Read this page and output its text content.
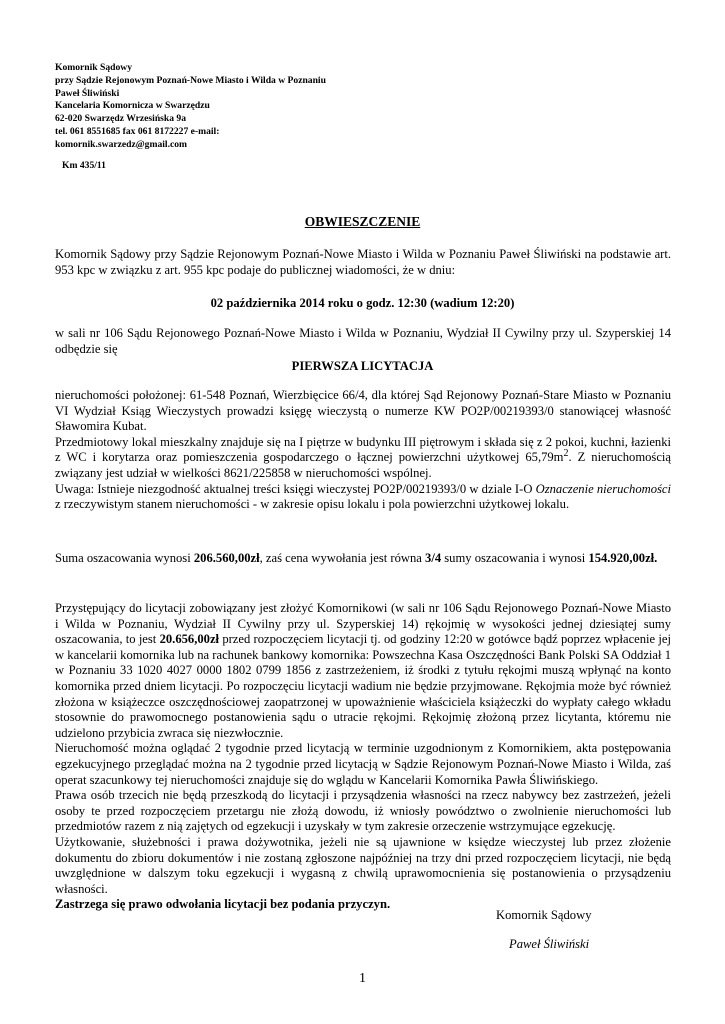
Komornik Sądowy
przy Sądzie Rejonowym Poznań-Nowe Miasto i Wilda w Poznaniu
Paweł Śliwiński
Kancelaria Komornicza w Swarzędzu
62-020 Swarzędz Wrzesińska 9a
tel. 061 8551685 fax 061 8172227 e-mail:
komornik.swarzedz@gmail.com
Km 435/11
OBWIESZCZENIE

Komornik Sądowy przy Sądzie Rejonowym Poznań-Nowe Miasto i Wilda w Poznaniu Paweł Śliwiński na podstawie art. 953 kpc w związku z art. 955 kpc podaje do publicznej wiadomości, że w dniu:

02 października 2014 roku o godz. 12:30 (wadium 12:20)

w sali nr 106 Sądu Rejonowego Poznań-Nowe Miasto i Wilda w Poznaniu, Wydział II Cywilny przy ul. Szyperskiej 14 odbędzie się

PIERWSZA LICYTACJA

nieruchomości położonej: 61-548 Poznań, Wierzbięcice 66/4, dla której Sąd Rejonowy Poznań-Stare Miasto w Poznaniu VI Wydział Ksiąg Wieczystych prowadzi księgę wieczystą o numerze KW PO2P/00219393/0 stanowiącej własność Sławomira Kubat.

Przedmiotowy lokal mieszkalny znajduje się na I piętrze w budynku III piętrowym i składa się z 2 pokoi, kuchni, łazienki z WC i korytarza oraz pomieszczenia gospodarczego o łącznej powierzchni użytkowej $65,79m^2$. Z nieruchomością związany jest udział w wielkości 8621/225858 w nieruchomości wspólnej.

Uwaga: Istnieje niezgodność aktualnej treści księgi wieczystej PO2P/00219393/0 w dziale I-O Oznaczenie nieruchomości z rzeczywistym stanem nieruchomości - w zakresie opisu lokalu i pola powierzchni użytkowej lokalu.

Suma oszacowania wynosi 206.560,00zł, zaś cena wywołania jest równa 3/4 sumy oszacowania i wynosi 154.920,00zł.

Przystępujący do licytacji zobowiązany jest złożyć Komornikowi (w sali nr 106 Sądu Rejonowego Poznań-Nowe Miasto i Wilda w Poznaniu, Wydział II Cywilny przy ul. Szyperskiej 14) rękojmię w wysokości jednej dziesiątej sumy oszacowania, to jest 20.656,00zł przed rozpoczęciem licytacji tj. od godziny 12:20 w gotówce bądź poprzez wpłacenie jej w kancelarii komornika lub na rachunek bankowy komornika: Powszechna Kasa Oszczędności Bank Polski SA Oddział 1 w Poznaniu 33 1020 4027 0000 1802 0799 1856 z zastrzeżeniem, iż środki z tytułu rękojmi muszą wpłynąć na konto komornika przed dniem licytacji. Po rozpoczęciu licytacji wadium nie będzie przyjmowane. Rękojmia może być również złożona w książeczce oszczędnościowej zaopatrzonej w upoważnienie właściciela książeczki do wypłaty całego wkładu stosownie do prawomocnego postanowienia sądu o utracie rękojmi. Rękojmię złożoną przez licytanta, któremu nie udzielono przybicia zwraca się niezwłocznie.

Nieruchomość można oglądać 2 tygodnie przed licytacją w terminie uzgodnionym z Komornikiem, akta postępowania egzekucyjnego przeglądać można na 2 tygodnie przed licytacją w Sądzie Rejonowym Poznań-Nowe Miasto i Wilda, zaś operat szacunkowy tej nieruchomości znajduje się do wglądu w Kancelarii Komornika Pawła Śliwińskiego.

Prawa osób trzecich nie będą przeszkodą do licytacji i przysądzenia własności na rzecz nabywcy bez zastrzeżeń, jeżeli osoby te przed rozpoczęciem przetargu nie złożą dowodu, iż wniosły powództwo o zwolnienie nieruchomości lub przedmiotów razem z nią zajętych od egzekucji i uzyskały w tym zakresie orzeczenie wstrzymujące egzekucję.

Użytkowanie, służebności i prawa dożywotnika, jeżeli nie są ujawnione w księdze wieczystej lub przez złożenie dokumentu do zbioru dokumentów i nie zostaną zgłoszone najpóźniej na trzy dni przed rozpoczęciem licytacji, nie będą uwzględnione w dalszym toku egzekucji i wygasną z chwilą uprawomocnienia się postanowienia o przysądzeniu własności.

Zastrzega się prawo odwołania licytacji bez podania przyczyn.

Komornik Sądowy
Paweł Śliwiński
1
